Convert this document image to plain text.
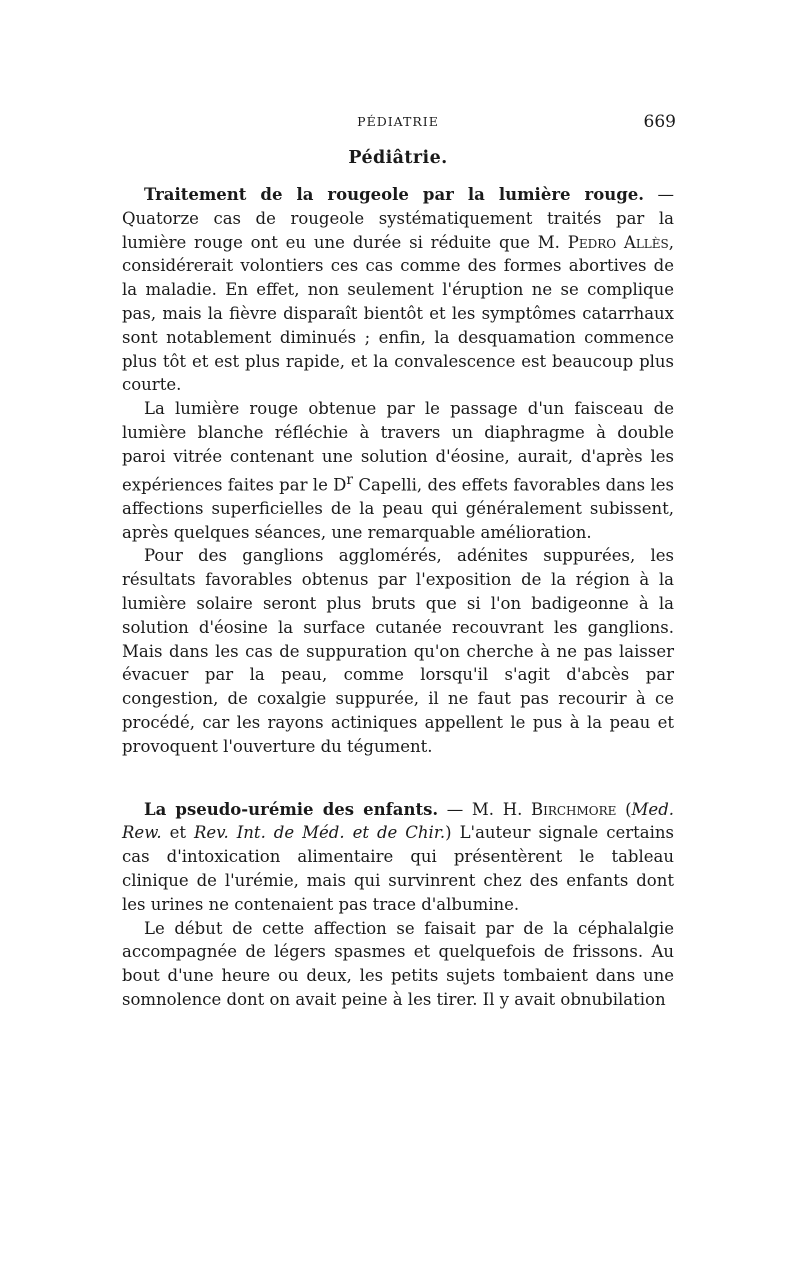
PÉDIATRIE	669
Pédiâtrie.

Traitement de la rougeole par la lumière rouge. — Quatorze cas de rougeole systématiquement traités par la lumière rouge ont eu une durée si réduite que M. Pedro Allès, considérerait volontiers ces cas comme des formes abortives de la maladie. En effet, non seulement l'éruption ne se complique pas, mais la fièvre disparaît bientôt et les symptômes catarrhaux sont notablement diminués ; enfin, la desquamation commence plus tôt et est plus rapide, et la convalescence est beaucoup plus courte.

La lumière rouge obtenue par le passage d'un faisceau de lumière blanche réfléchie à travers un diaphragme à double paroi vitrée contenant une solution d'éosine, aurait, d'après les expériences faites par le $D^r$ Capelli, des effets favorables dans les affections superficielles de la peau qui généralement subissent, après quelques séances, une remarquable amélioration.

Pour des ganglions agglomérés, adénites suppurées, les résultats favorables obtenus par l'exposition de la région à la lumière solaire seront plus bruts que si l'on badigeonne à la solution d'éosine la surface cutanée recouvrant les ganglions. Mais dans les cas de suppuration qu'on cherche à ne pas laisser évacuer par la peau, comme lorsqu'il s'agit d'abcès par congestion, de coxalgie suppurée, il ne faut pas recourir à ce procédé, car les rayons actiniques appellent le pus à la peau et provoquent l'ouverture du tégument.

La pseudo-urémie des enfants. — M. H. Birchmore (Med. Rew. et Rev. Int. de Méd. et de Chir.) L'auteur signale certains cas d'intoxication alimentaire qui présentèrent le tableau clinique de l'urémie, mais qui survinrent chez des enfants dont les urines ne contenaient pas trace d'albumine.

Le début de cette affection se faisait par de la céphalalgie accompagnée de légers spasmes et quelquefois de frissons. Au bout d'une heure ou deux, les petits sujets tombaient dans une somnolence dont on avait peine à les tirer. Il y avait obnubilation
